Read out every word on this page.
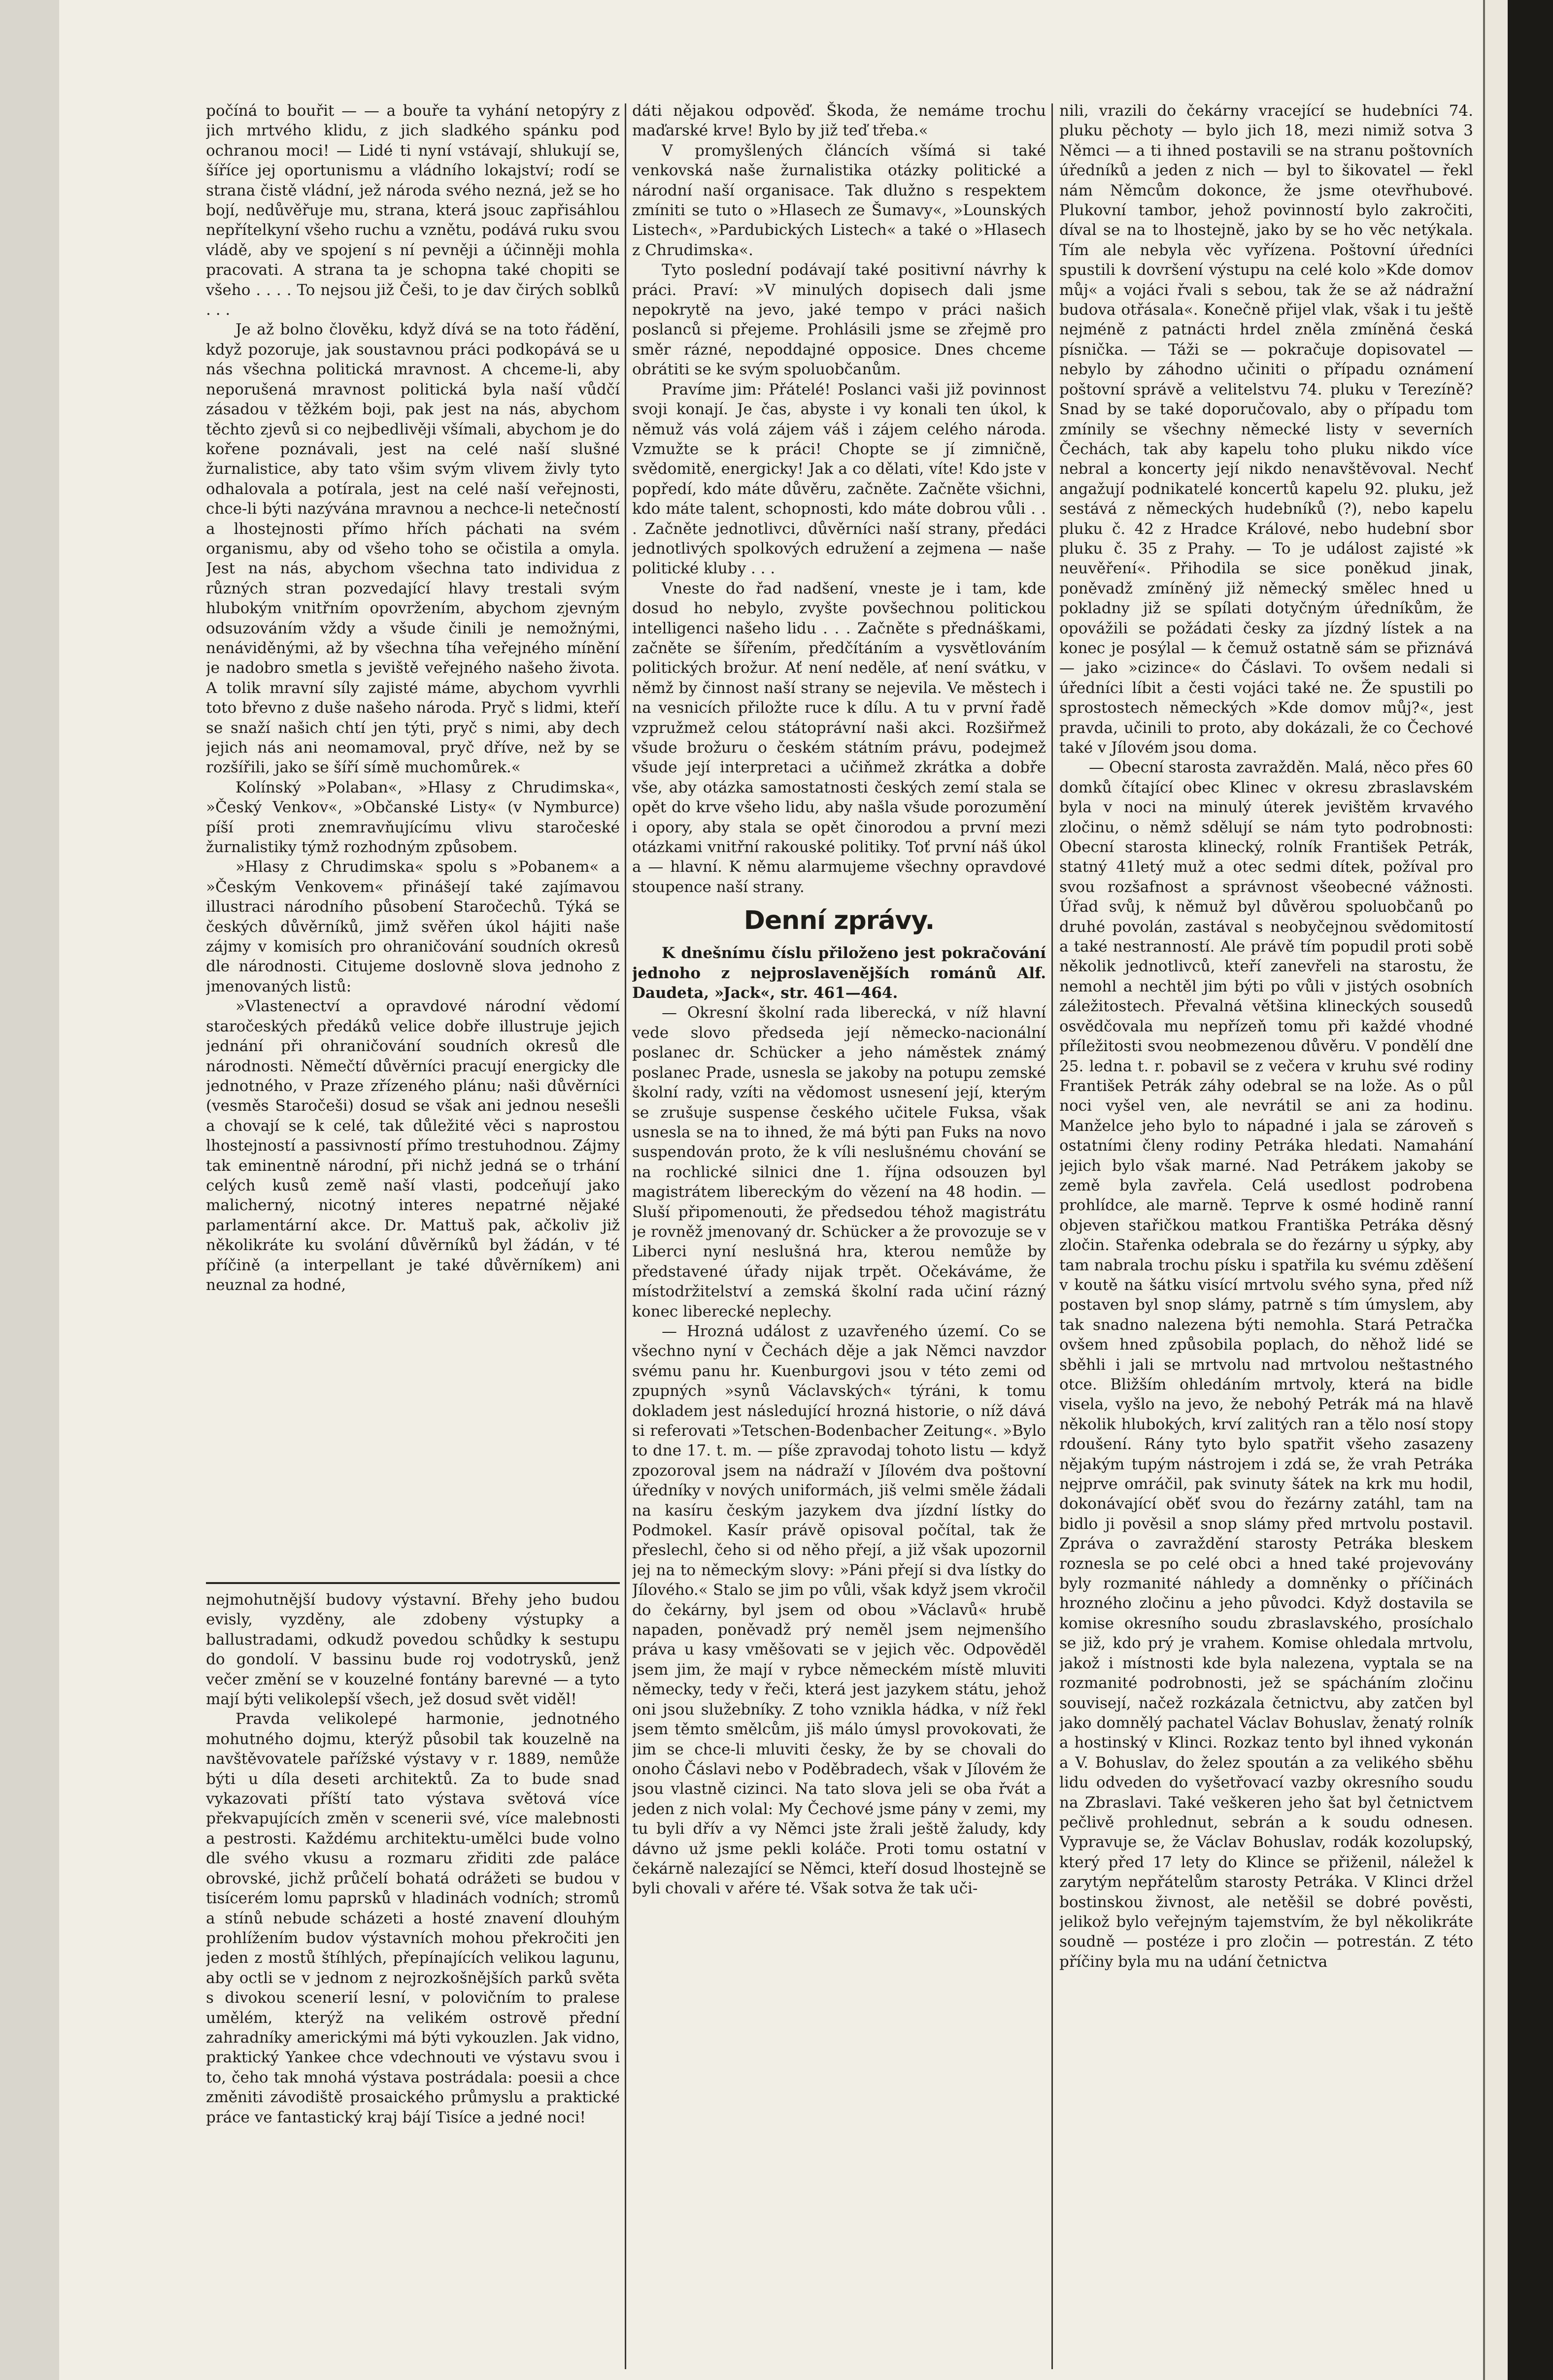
počíná to bouřit — — a bouře ta vyhání netopýry z jich mrtvého klidu, z jich sladkého spánku pod ochranou moci! — Lidé ti nyní vstávají, shlukují se, šíříce jej oportunismu a vládního lokajství; rodí se strana čistě vládní, jež národa svého nezná, jež se ho bojí, nedůvěřuje mu, strana, která jsouc zapřisáhlou nepřítelkyní všeho ruchu a vznětu, podává ruku svou vládě, aby ve spojení s ní pevněji a účinněji mohla pracovati. A strana ta je schopna také chopiti se všeho . . . . To nejsou již Češi, to je dav čirých soblků . . .

Je až bolno člověku, když dívá se na toto řádění, když pozoruje, jak soustavnou práci podkopává se u nás všechna politická mravnost. A chceme-li, aby neporušená mravnost politická byla naší vůdčí zásadou v těžkém boji, pak jest na nás, abychom těchto zjevů si co nejbedlivěji všímali, abychom je do kořene poznávali, jest na celé naší slušné žurnalistice, aby tato všim svým vlivem živly tyto odhalovala a potírala, jest na celé naší veřejnosti, chce-li býti nazývána mravnou a nechce-li netečností a lhostejnosti přímo hřích páchati na svém organismu, aby od všeho toho se očistila a omyla. Jest na nás, abychom všechna tato individua z různých stran pozvedající hlavy trestali svým hlubokým vnitřním opovržením, abychom zjevným odsuzováním vždy a všude činili je nemožnými, nenáviděnými, až by všechna tíha veřejného mínění je nadobro smetla s jeviště veřejného našeho života. A tolik mravní síly zajisté máme, abychom vyvrhli toto břevno z duše našeho národa. Pryč s lidmi, kteří se snaží našich chtí jen týti, pryč s nimi, aby dech jejich nás ani neomamoval, pryč dříve, než by se rozšířili, jako se šíří símě muchomůrek.«

Kolínský »Polaban«, »Hlasy z Chrudimska«, »Český Venkov«, »Občanské Listy« (v Nymburce) píší proti znemravňujícímu vlivu staročeské žurnalistiky týmž rozhodným způsobem.

»Hlasy z Chrudimska« spolu s »Pobanem« a »Českým Venkovem« přinášejí také zajímavou illustraci národního působení Staročechů. Týká se českých důvěrníků, jimž svěřen úkol hájiti naše zájmy v komisích pro ohraničování soudních okresů dle národnosti. Citujeme doslovně slova jednoho z jmenovaných listů:

»Vlastenectví a opravdové národní vědomí staročeských předáků velice dobře illustruje jejich jednání při ohraničování soudních okresů dle národnosti. Němečtí důvěrníci pracují energicky dle jednotného, v Praze zřízeného plánu; naši důvěrníci (vesměs Staročeši) dosud se však ani jednou nesešli a chovají se k celé, tak důležité věci s naprostou lhostejností a passivností přímo trestuhodnou. Zájmy tak eminentně národní, při nichž jedná se o trhání celých kusů země naší vlasti, podceňují jako malicherný, nicotný interes nepatrné nějaké parlamentární akce. Dr. Mattuš pak, ačkoliv již několikráte ku svolání důvěrníků byl žádán, v té příčině (a interpellant je také důvěrníkem) ani neuznal za hodné,

nejmohutnější budovy výstavní. Břehy jeho budou evisly, vyzděny, ale zdobeny výstupky a ballustradami, odkudž povedou schůdky k sestupu do gondolí. V bassinu bude roj vodotrysků, jenž večer změní se v kouzelné fontány barevné — a tyto mají býti velikolepší všech, jež dosud svět viděl!

Pravda velikolepé harmonie, jednotného mohutného dojmu, kterýž působil tak kouzelně na navštěvovatele pařížské výstavy v r. 1889, nemůže býti u díla deseti architektů. Za to bude snad vykazovati příští tato výstava světová více překvapujících změn v scenerii své, více malebnosti a pestrosti. Každému architektu-umělci bude volno dle svého vkusu a rozmaru zřiditi zde paláce obrovské, jichž průčelí bohatá odrážeti se budou v tisícerém lomu paprsků v hladinách vodních; stromů a stínů nebude scházeti a hosté znavení dlouhým prohlížením budov výstavních mohou překročiti jen jeden z mostů štíhlých, přepínajících velikou lagunu, aby octli se v jednom z nejrozkošnějších parků světa s divokou scenerií lesní, v polovičním to pralese umělém, kterýž na velikém ostrově přední zahradníky americkými má býti vykouzlen. Jak vidno, praktický Yankee chce vdechnouti ve výstavu svou i to, čeho tak mnohá výstava postrádala: poesii a chce změniti závodiště prosaického průmyslu a praktické práce ve fantastický kraj bájí Tisíce a jedné noci!

dáti nějakou odpověď. Škoda, že nemáme trochu maďarské krve! Bylo by již teď třeba.«

V promyšlených článcích všímá si také venkovská naše žurnalistika otázky politické a národní naší organisace. Tak dlužno s respektem zmíniti se tuto o »Hlasech ze Šumavy«, »Lounských Listech«, »Pardubických Listech« a také o »Hlasech z Chrudimska«.

Tyto poslední podávají také positivní návrhy k práci. Praví: »V minulých dopisech dali jsme nepokrytě na jevo, jaké tempo v práci našich poslanců si přejeme. Prohlásili jsme se zřejmě pro směr rázné, nepoddajné opposice. Dnes chceme obrátiti se ke svým spoluobčanům.

Pravíme jim: Přátelé! Poslanci vaši již povinnost svoji konají. Je čas, abyste i vy konali ten úkol, k němuž vás volá zájem váš i zájem celého národa. Vzmužte se k práci! Chopte se jí zimničně, svědomitě, energicky! Jak a co dělati, víte! Kdo jste v popředí, kdo máte důvěru, začněte. Začněte všichni, kdo máte talent, schopnosti, kdo máte dobrou vůli . . . Začněte jednotlivci, důvěrníci naší strany, předáci jednotlivých spolkových edružení a zejmena — naše politické kluby . . .

Vneste do řad nadšení, vneste je i tam, kde dosud ho nebylo, zvyšte povšechnou politickou intelligenci našeho lidu . . . Začněte s přednáškami, začněte se šířením, předčítáním a vysvětlováním politických brožur. Ať není neděle, ať není svátku, v němž by činnost naší strany se nejevila. Ve městech i na vesnicích přiložte ruce k dílu. A tu v první řadě vzpružmež celou státoprávní naši akci. Rozšiřmež všude brožuru o českém státním právu, podejmež všude její interpretaci a učiňmež zkrátka a dobře vše, aby otázka samostatnosti českých zemí stala se opět do krve všeho lidu, aby našla všude porozumění i opory, aby stala se opět činorodou a první mezi otázkami vnitřní rakouské politiky. Toť první náš úkol a — hlavní. K němu alarmujeme všechny opravdové stoupence naší strany.

Denní zprávy.

K dnešnímu číslu přiloženo jest pokračování jednoho z nejproslavenějších románů Alf. Daudeta, »Jack«, str. 461—464.

— Okresní školní rada liberecká, v níž hlavní vede slovo předseda její německo-nacionální poslanec dr. Schücker a jeho náměstek známý poslanec Prade, usnesla se jakoby na potupu zemské školní rady, vzíti na vědomost usnesení její, kterým se zrušuje suspense českého učitele Fuksa, však usnesla se na to ihned, že má býti pan Fuks na novo suspendován proto, že k víli neslušnému chování se na rochlické silnici dne 1. října odsouzen byl magistrátem libereckým do vězení na 48 hodin. — Sluší připomenouti, že předsedou téhož magistrátu je rovněž jmenovaný dr. Schücker a že provozuje se v Liberci nyní neslušná hra, kterou nemůže by představené úřady nijak trpět. Očekáváme, že místodržitelství a zemská školní rada učiní rázný konec liberecké neplechy.

— Hrozná událost z uzavřeného území. Co se všechno nyní v Čechách děje a jak Němci navzdor svému panu hr. Kuenburgovi jsou v této zemi od zpupných »synů Václavských« týráni, k tomu dokladem jest následující hrozná historie, o níž dává si referovati »Tetschen-Bodenbacher Zeitung«. »Bylo to dne 17. t. m. — píše zpravodaj tohoto listu — když zpozoroval jsem na nádraží v Jílovém dva poštovní úředníky v nových uniformách, jiš velmi směle žádali na kasíru českým jazykem dva jízdní lístky do Podmokel. Kasír právě opisoval počítal, tak že přeslechl, čeho si od něho přejí, a již však upozornil jej na to německým slovy: »Páni přejí si dva lístky do Jílového.« Stalo se jim po vůli, však když jsem vkročil do čekárny, byl jsem od obou »Václavů« hrubě napaden, poněvadž prý neměl jsem nejmenšího práva u kasy vměšovati se v jejich věc. Odpověděl jsem jim, že mají v rybce německém místě mluviti německy, tedy v řeči, která jest jazykem státu, jehož oni jsou služebníky. Z toho vznikla hádka, v níž řekl jsem těmto smělcům, jiš málo úmysl provokovati, že jim se chce-li mluviti česky, že by se chovali do onoho Čáslavi nebo v Poděbradech, však v Jílovém že jsou vlastně cizinci. Na tato slova jeli se oba řvát a jeden z nich volal: My Čechové jsme pány v zemi, my tu byli dřív a vy Němci jste žrali ještě žaludy, kdy dávno už jsme pekli koláče. Proti tomu ostatní v čekárně nalezající se Němci, kteří dosud lhostejně se byli chovali v ařére té. Však sotva že tak uči-

nili, vrazili do čekárny vracející se hudebníci 74. pluku pěchoty — bylo jich 18, mezi nimiž sotva 3 Němci — a ti ihned postavili se na stranu poštovních úředníků a jeden z nich — byl to šikovatel — řekl nám Němcům dokonce, že jsme otevřhubové. Plukovní tambor, jehož povinností bylo zakročiti, díval se na to lhostejně, jako by se ho věc netýkala. Tím ale nebyla věc vyřízena. Poštovní úředníci spustili k dovršení výstupu na celé kolo »Kde domov můj« a vojáci řvali s sebou, tak že se až nádražní budova otřásala«. Konečně přijel vlak, však i tu ještě nejméně z patnácti hrdel zněla zmíněná česká písnička. — Táži se — pokračuje dopisovatel — nebylo by záhodno učiniti o případu oznámení poštovní správě a velitelstvu 74. pluku v Terezíně? Snad by se také doporučovalo, aby o případu tom zmínily se všechny německé listy v severních Čechách, tak aby kapelu toho pluku nikdo více nebral a koncerty její nikdo nenavštěvoval. Nechť angažují podnikatelé koncertů kapelu 92. pluku, jež sestává z německých hudebníků (?), nebo kapelu pluku č. 42 z Hradce Králové, nebo hudební sbor pluku č. 35 z Prahy. — To je událost zajisté »k neuvěření«. Přihodila se sice poněkud jinak, poněvadž zmíněný již německý smělec hned u pokladny již se spílati dotyčným úředníkům, že opovážili se požádati česky za jízdný lístek a na konec je posýlal — k čemuž ostatně sám se přiznává — jako »cizince« do Čáslavi. To ovšem nedali si úředníci líbit a česti vojáci také ne. Že spustili po sprostostech německých »Kde domov můj?«, jest pravda, učinili to proto, aby dokázali, že co Čechové také v Jílovém jsou doma.

— Obecní starosta zavražděn. Malá, něco přes 60 domků čítající obec Klinec v okresu zbraslavském byla v noci na minulý úterek jevištěm krvavého zločinu, o němž sdělují se nám tyto podrobnosti: Obecní starosta klinecký, rolník František Petrák, statný 41letý muž a otec sedmi dítek, požíval pro svou rozšafnost a správnost všeobecné vážnosti. Úřad svůj, k němuž byl důvěrou spoluobčanů po druhé povolán, zastával s neobyčejnou svědomitostí a také nestranností. Ale právě tím popudil proti sobě několik jednotlivců, kteří zanevřeli na starostu, že nemohl a nechtěl jim býti po vůli v jistých osobních záležitostech. Převalná většina klineckých sousedů osvědčovala mu nepřízeň tomu při každé vhodné příležitosti svou neobmezenou důvěru. V pondělí dne 25. ledna t. r. pobavil se z večera v kruhu své rodiny František Petrák záhy odebral se na lože. As o půl noci vyšel ven, ale nevrátil se ani za hodinu. Manželce jeho bylo to nápadné i jala se zároveň s ostatními členy rodiny Petráka hledati. Namahání jejich bylo však marné. Nad Petrákem jakoby se země byla zavřela. Celá usedlost podrobena prohlídce, ale marně. Teprve k osmé hodině ranní objeven stařičkou matkou Františka Petráka děsný zločin. Stařenka odebrala se do řezárny u sýpky, aby tam nabrala trochu písku i spatřila ku svému zděšení v koutě na šátku visící mrtvolu svého syna, před níž postaven byl snop slámy, patrně s tím úmyslem, aby tak snadno nalezena býti nemohla. Stará Petračka ovšem hned způsobila poplach, do něhož lidé se sběhli i jali se mrtvolu nad mrtvolou neštastného otce. Bližším ohledáním mrtvoly, která na bidle visela, vyšlo na jevo, že nebohý Petrák má na hlavě několik hlubokých, krví zalitých ran a tělo nosí stopy rdoušení. Rány tyto bylo spatřit všeho zasazeny nějakým tupým nástrojem i zdá se, že vrah Petráka nejprve omráčil, pak svinuty šátek na krk mu hodil, dokonávající oběť svou do řezárny zatáhl, tam na bidlo ji pověsil a snop slámy před mrtvolu postavil. Zpráva o zavraždění starosty Petráka bleskem roznesla se po celé obci a hned také projevovány byly rozmanité náhledy a domněnky o příčinách hrozného zločinu a jeho původci. Když dostavila se komise okresního soudu zbraslavského, prosíchalo se již, kdo prý je vrahem. Komise ohledala mrtvolu, jakož i místnosti kde byla nalezena, vyptala se na rozmanité podrobnosti, jež se spácháním zločinu souvisejí, načež rozkázala četnictvu, aby zatčen byl jako domnělý pachatel Václav Bohuslav, ženatý rolník a hostinský v Klinci. Rozkaz tento byl ihned vykonán a V. Bohuslav, do želez spoután a za velikého sběhu lidu odveden do vyšetřovací vazby okresního soudu na Zbraslavi. Také veškeren jeho šat byl četnictvem pečlivě prohlednut, sebrán a k soudu odnesen. Vypravuje se, že Václav Bohuslav, rodák kozolupský, který před 17 lety do Klince se přiženil, náležel k zarytým nepřátelům starosty Petráka. V Klinci držel bostinskou živnost, ale netěšil se dobré pověsti, jelikož bylo veřejným tajemstvím, že byl několikráte soudně — postéze i pro zločin — potrestán. Z této příčiny byla mu na udání četnictva
